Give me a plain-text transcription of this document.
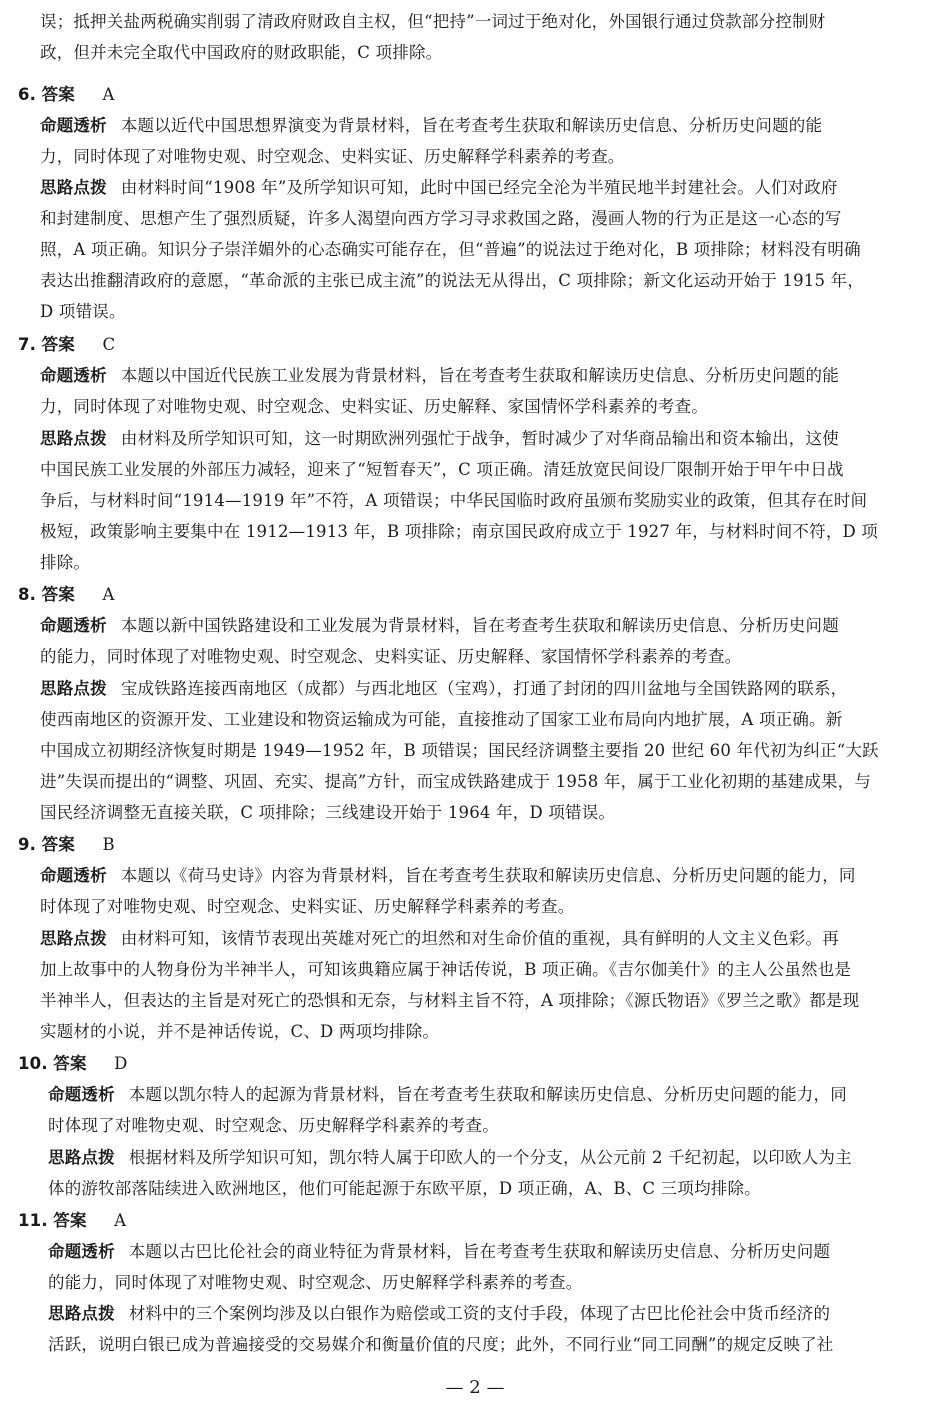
误；抵押关盐两税确实削弱了清政府财政自主权，但“把持”一词过于绝对化，外国银行通过贷款部分控制财
政，但并未完全取代中国政府的财政职能，C 项排除。
6. 答案 A
命题透析 本题以近代中国思想界演变为背景材料，旨在考查考生获取和解读历史信息、分析历史问题的能
力，同时体现了对唯物史观、时空观念、史料实证、历史解释学科素养的考查。
思路点拨 由材料时间“1908 年”及所学知识可知，此时中国已经完全沦为半殖民地半封建社会。人们对政府
和封建制度、思想产生了强烈质疑，许多人渴望向西方学习寻求救国之路，漫画人物的行为正是这一心态的写
照，A 项正确。知识分子崇洋媚外的心态确实可能存在，但“普遍”的说法过于绝对化，B 项排除；材料没有明确
表达出推翻清政府的意愿，“革命派的主张已成主流”的说法无从得出，C 项排除；新文化运动开始于 1915 年，
D 项错误。
7. 答案 C
命题透析 本题以中国近代民族工业发展为背景材料，旨在考查考生获取和解读历史信息、分析历史问题的能
力，同时体现了对唯物史观、时空观念、史料实证、历史解释、家国情怀学科素养的考查。
思路点拨 由材料及所学知识可知，这一时期欧洲列强忙于战争，暂时减少了对华商品输出和资本输出，这使
中国民族工业发展的外部压力减轻，迎来了“短暂春天”，C 项正确。清廷放宽民间设厂限制开始于甲午中日战
争后，与材料时间“1914—1919 年”不符，A 项错误；中华民国临时政府虽颁布奖励实业的政策，但其存在时间
极短，政策影响主要集中在 1912—1913 年，B 项排除；南京国民政府成立于 1927 年，与材料时间不符，D 项
排除。
8. 答案 A
命题透析 本题以新中国铁路建设和工业发展为背景材料，旨在考查考生获取和解读历史信息、分析历史问题
的能力，同时体现了对唯物史观、时空观念、史料实证、历史解释、家国情怀学科素养的考查。
思路点拨 宝成铁路连接西南地区（成都）与西北地区（宝鸡），打通了封闭的四川盆地与全国铁路网的联系，
使西南地区的资源开发、工业建设和物资运输成为可能，直接推动了国家工业布局向内地扩展，A 项正确。新
中国成立初期经济恢复时期是 1949—1952 年，B 项错误；国民经济调整主要指 20 世纪 60 年代初为纠正“大跃
进”失误而提出的“调整、巩固、充实、提高”方针，而宝成铁路建成于 1958 年，属于工业化初期的基建成果，与
国民经济调整无直接关联，C 项排除；三线建设开始于 1964 年，D 项错误。
9. 答案 B
命题透析 本题以《荷马史诗》内容为背景材料，旨在考查考生获取和解读历史信息、分析历史问题的能力，同
时体现了对唯物史观、时空观念、史料实证、历史解释学科素养的考查。
思路点拨 由材料可知，该情节表现出英雄对死亡的坦然和对生命价值的重视，具有鲜明的人文主义色彩。再
加上故事中的人物身份为半神半人，可知该典籍应属于神话传说，B 项正确。《吉尔伽美什》的主人公虽然也是
半神半人，但表达的主旨是对死亡的恐惧和无奈，与材料主旨不符，A 项排除；《源氏物语》《罗兰之歌》都是现
实题材的小说，并不是神话传说，C、D 两项均排除。
10. 答案 D
命题透析 本题以凯尔特人的起源为背景材料，旨在考查考生获取和解读历史信息、分析历史问题的能力，同
时体现了对唯物史观、时空观念、历史解释学科素养的考查。
思路点拨 根据材料及所学知识可知，凯尔特人属于印欧人的一个分支，从公元前 2 千纪初起，以印欧人为主
体的游牧部落陆续进入欧洲地区，他们可能起源于东欧平原，D 项正确，A、B、C 三项均排除。
11. 答案 A
命题透析 本题以古巴比伦社会的商业特征为背景材料，旨在考查考生获取和解读历史信息、分析历史问题
的能力，同时体现了对唯物史观、时空观念、历史解释学科素养的考查。
思路点拨 材料中的三个案例均涉及以白银作为赔偿或工资的支付手段，体现了古巴比伦社会中货币经济的
活跃，说明白银已成为普遍接受的交易媒介和衡量价值的尺度；此外，不同行业“同工同酬”的规定反映了社
— 2 —
